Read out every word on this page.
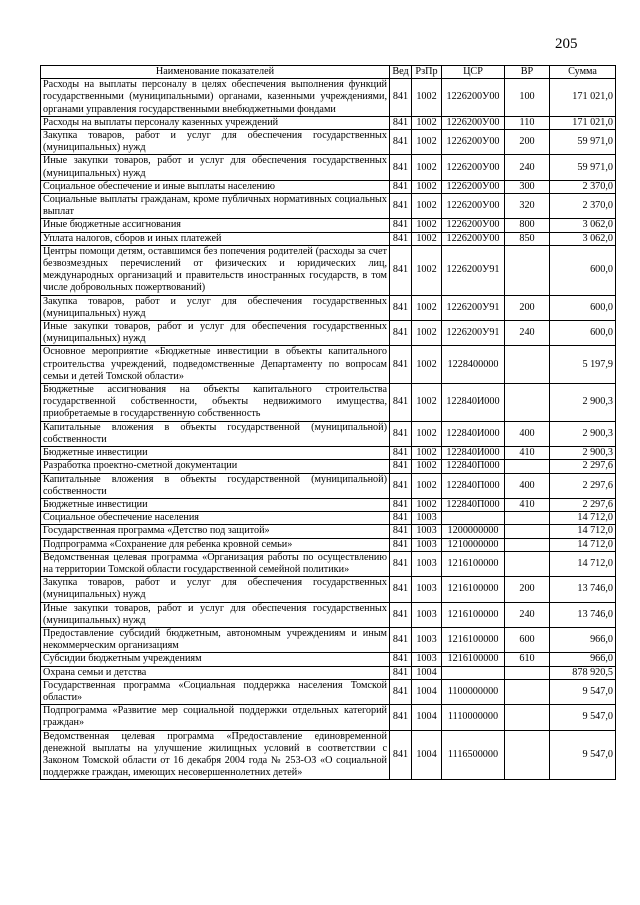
205
Наименование показателей	Вед	РзПр	ЦСР	ВР	Сумма
Расходы на выплаты персоналу в целях обеспечения выполнения функций государственными (муниципальными) органами, казенными учреждениями, органами управления государственными внебюджетными фондами	841	1002	1226200У00	100	171 021,0
Расходы на выплаты персоналу казенных учреждений	841	1002	1226200У00	110	171 021,0
Закупка товаров, работ и услуг для обеспечения государственных (муниципальных) нужд	841	1002	1226200У00	200	59 971,0
Иные закупки товаров, работ и услуг для обеспечения государственных (муниципальных) нужд	841	1002	1226200У00	240	59 971,0
Социальное обеспечение и иные выплаты населению	841	1002	1226200У00	300	2 370,0
Социальные выплаты гражданам, кроме публичных нормативных социальных выплат	841	1002	1226200У00	320	2 370,0
Иные бюджетные ассигнования	841	1002	1226200У00	800	3 062,0
Уплата налогов, сборов и иных платежей	841	1002	1226200У00	850	3 062,0
Центры помощи детям, оставшимся без попечения родителей (расходы за счет безвозмездных перечислений от физических и юридических лиц, международных организаций и правительств иностранных государств, в том числе добровольных пожертвований)	841	1002	1226200У91		600,0
Закупка товаров, работ и услуг для обеспечения государственных (муниципальных) нужд	841	1002	1226200У91	200	600,0
Иные закупки товаров, работ и услуг для обеспечения государственных (муниципальных) нужд	841	1002	1226200У91	240	600,0
Основное мероприятие «Бюджетные инвестиции в объекты капитального строительства учреждений, подведомственные Департаменту по вопросам семьи и детей Томской области»	841	1002	1228400000		5 197,9
Бюджетные ассигнования на объекты капитального строительства государственной собственности, объекты недвижимого имущества, приобретаемые в государственную собственность	841	1002	122840И000		2 900,3
Капитальные вложения в объекты государственной (муниципальной) собственности	841	1002	122840И000	400	2 900,3
Бюджетные инвестиции	841	1002	122840И000	410	2 900,3
Разработка проектно-сметной документации	841	1002	122840П000		2 297,6
Капитальные вложения в объекты государственной (муниципальной) собственности	841	1002	122840П000	400	2 297,6
Бюджетные инвестиции	841	1002	122840П000	410	2 297,6
Социальное обеспечение населения	841	1003			14 712,0
Государственная программа «Детство под защитой»	841	1003	1200000000		14 712,0
Подпрограмма «Сохранение для ребенка кровной семьи»	841	1003	1210000000		14 712,0
Ведомственная целевая программа «Организация работы по осуществлению на территории Томской области государственной семейной политики»	841	1003	1216100000		14 712,0
Закупка товаров, работ и услуг для обеспечения государственных (муниципальных) нужд	841	1003	1216100000	200	13 746,0
Иные закупки товаров, работ и услуг для обеспечения государственных (муниципальных) нужд	841	1003	1216100000	240	13 746,0
Предоставление субсидий бюджетным, автономным учреждениям и иным некоммерческим организациям	841	1003	1216100000	600	966,0
Субсидии бюджетным учреждениям	841	1003	1216100000	610	966,0
Охрана семьи и детства	841	1004			878 920,5
Государственная программа «Социальная поддержка населения Томской области»	841	1004	1100000000		9 547,0
Подпрограмма «Развитие мер социальной поддержки отдельных категорий граждан»	841	1004	1110000000		9 547,0
Ведомственная целевая программа «Предоставление единовременной денежной выплаты на улучшение жилищных условий в соответствии с Законом Томской области от 16 декабря 2004 года № 253-ОЗ «О социальной поддержке граждан, имеющих несовершеннолетних детей»	841	1004	1116500000		9 547,0
